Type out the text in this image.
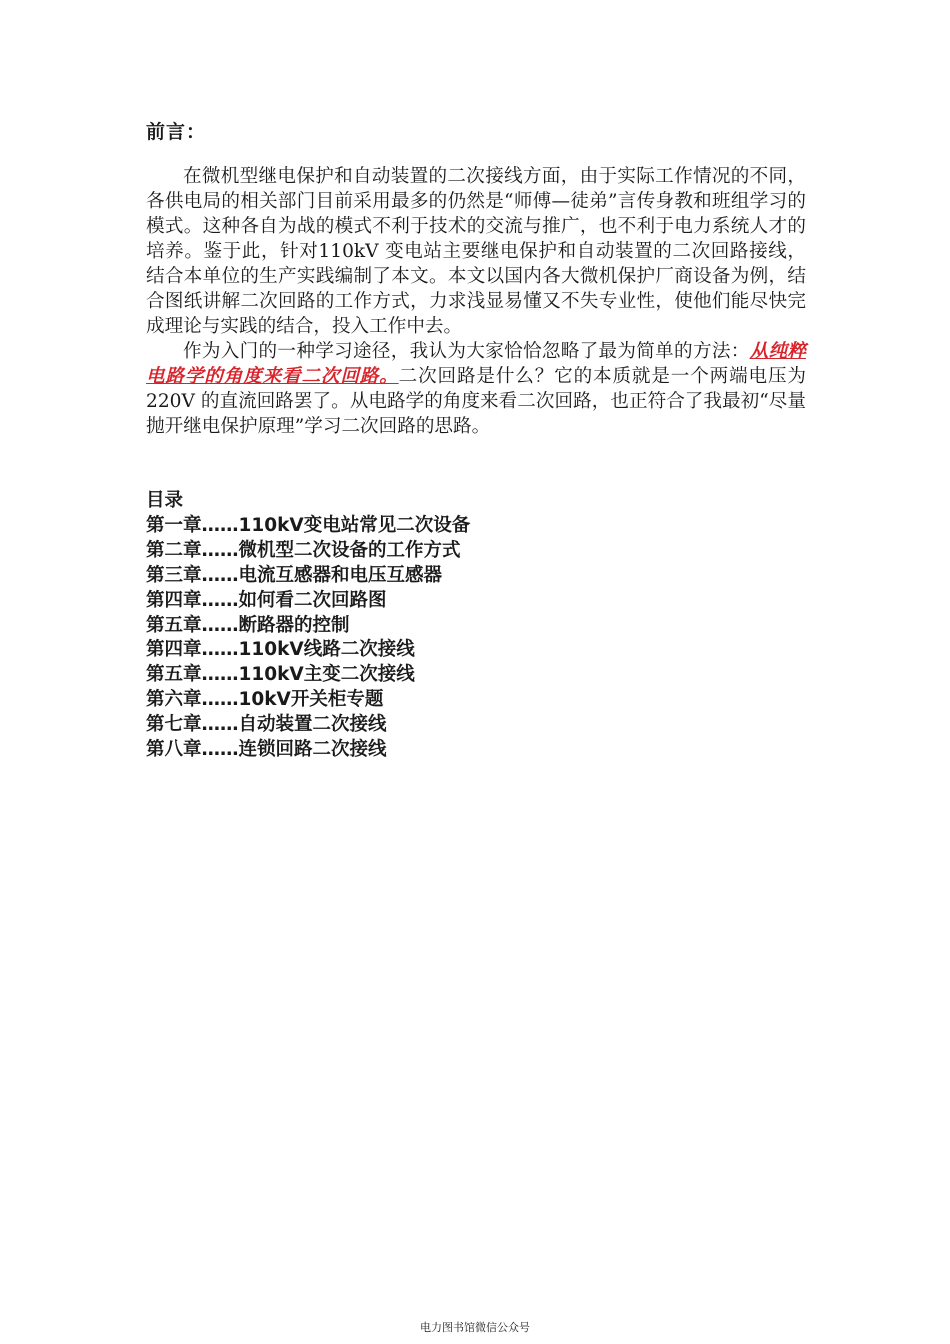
前言：

在微机型继电保护和自动装置的二次接线方面，由于实际工作情况的不同，各供电局的相关部门目前采用最多的仍然是“师傅—徒弟”言传身教和班组学习的模式。这种各自为战的模式不利于技术的交流与推广，也不利于电力系统人才的培养。鉴于此，针对110kV 变电站主要继电保护和自动装置的二次回路接线，结合本单位的生产实践编制了本文。本文以国内各大微机保护厂商设备为例，结合图纸讲解二次回路的工作方式，力求浅显易懂又不失专业性，使他们能尽快完成理论与实践的结合，投入工作中去。

作为入门的一种学习途径，我认为大家恰恰忽略了最为简单的方法：从纯粹电路学的角度来看二次回路。二次回路是什么？它的本质就是一个两端电压为220V 的直流回路罢了。从电路学的角度来看二次回路，也正符合了我最初“尽量抛开继电保护原理”学习二次回路的思路。

目录
第一章……110kV变电站常见二次设备
第二章……微机型二次设备的工作方式
第三章……电流互感器和电压互感器
第四章……如何看二次回路图
第五章……断路器的控制
第四章……110kV线路二次接线
第五章……110kV主变二次接线
第六章……10kV开关柜专题
第七章……自动装置二次接线
第八章……连锁回路二次接线
电力图书馆微信公众号
